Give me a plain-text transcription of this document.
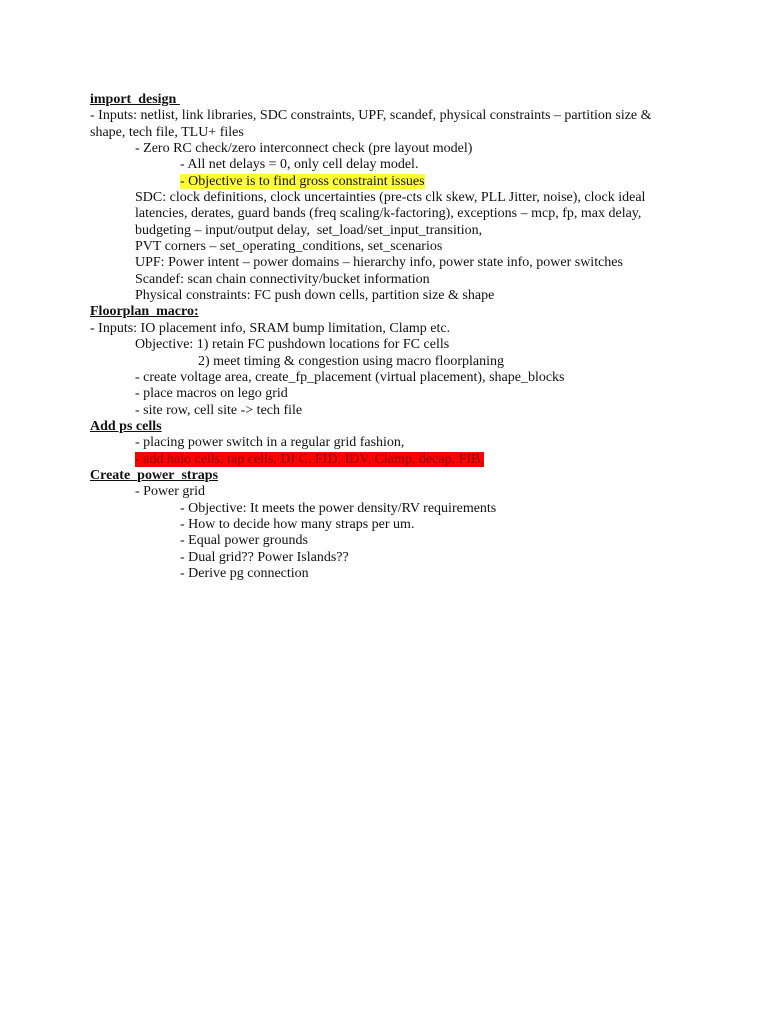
import_design
- Inputs: netlist, link libraries, SDC constraints, UPF, scandef, physical constraints – partition size &
shape, tech file, TLU+ files
- Zero RC check/zero interconnect check (pre layout model)
- All net delays = 0, only cell delay model.
- Objective is to find gross constraint issues
SDC: clock definitions, clock uncertainties (pre-cts clk skew, PLL Jitter, noise), clock ideal
latencies, derates, guard bands (freq scaling/k-factoring), exceptions – mcp, fp, max delay,
budgeting – input/output delay,  set_load/set_input_transition,
PVT corners – set_operating_conditions, set_scenarios
UPF: Power intent – power domains – hierarchy info, power state info, power switches
Scandef: scan chain connectivity/bucket information
Physical constraints: FC push down cells, partition size & shape
Floorplan_macro:
- Inputs: IO placement info, SRAM bump limitation, Clamp etc.
Objective: 1) retain FC pushdown locations for FC cells
2) meet timing & congestion using macro floorplaning
- create voltage area, create_fp_placement (virtual placement), shape_blocks
- place macros on lego grid
- site row, cell site -> tech file
Add ps cells
- placing power switch in a regular grid fashion,
- add halo cells, tap cells, DI C, FID, IDV, Clamp, decap, FIB,
Create_power_straps
- Power grid
- Objective: It meets the power density/RV requirements
- How to decide how many straps per um.
- Equal power grounds
- Dual grid?? Power Islands??
- Derive pg connection
